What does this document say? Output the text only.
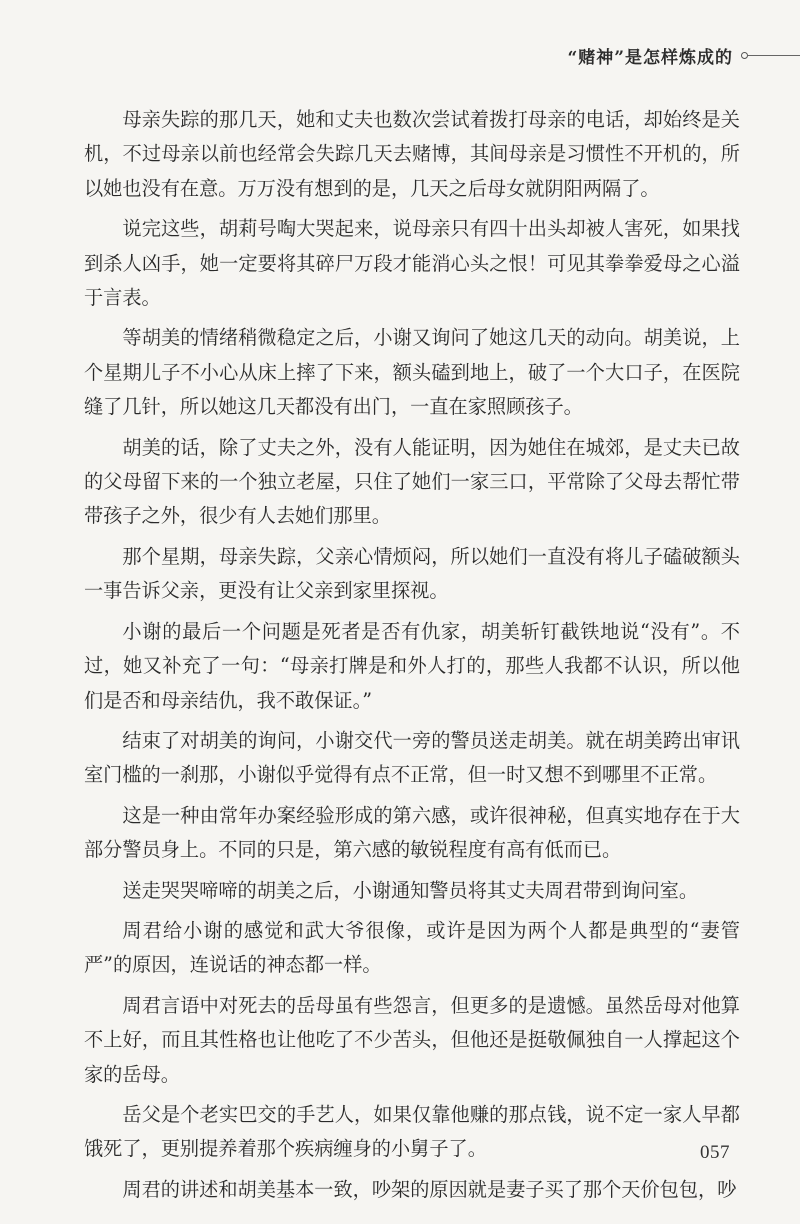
“赌神”是怎样炼成的

母亲失踪的那几天，她和丈夫也数次尝试着拨打母亲的电话，却始终是关机，不过母亲以前也经常会失踪几天去赌博，其间母亲是习惯性不开机的，所以她也没有在意。万万没有想到的是，几天之后母女就阴阳两隔了。

说完这些，胡莉号啕大哭起来，说母亲只有四十出头却被人害死，如果找到杀人凶手，她一定要将其碎尸万段才能消心头之恨！可见其拳拳爱母之心溢于言表。

等胡美的情绪稍微稳定之后，小谢又询问了她这几天的动向。胡美说，上个星期儿子不小心从床上摔了下来，额头磕到地上，破了一个大口子，在医院缝了几针，所以她这几天都没有出门，一直在家照顾孩子。

胡美的话，除了丈夫之外，没有人能证明，因为她住在城郊，是丈夫已故的父母留下来的一个独立老屋，只住了她们一家三口，平常除了父母去帮忙带带孩子之外，很少有人去她们那里。

那个星期，母亲失踪，父亲心情烦闷，所以她们一直没有将儿子磕破额头一事告诉父亲，更没有让父亲到家里探视。

小谢的最后一个问题是死者是否有仇家，胡美斩钉截铁地说“没有”。不过，她又补充了一句：“母亲打牌是和外人打的，那些人我都不认识，所以他们是否和母亲结仇，我不敢保证。”

结束了对胡美的询问，小谢交代一旁的警员送走胡美。就在胡美跨出审讯室门槛的一刹那，小谢似乎觉得有点不正常，但一时又想不到哪里不正常。

这是一种由常年办案经验形成的第六感，或许很神秘，但真实地存在于大部分警员身上。不同的只是，第六感的敏锐程度有高有低而已。

送走哭哭啼啼的胡美之后，小谢通知警员将其丈夫周君带到询问室。

周君给小谢的感觉和武大爷很像，或许是因为两个人都是典型的“妻管严”的原因，连说话的神态都一样。

周君言语中对死去的岳母虽有些怨言，但更多的是遗憾。虽然岳母对他算不上好，而且其性格也让他吃了不少苦头，但他还是挺敬佩独自一人撑起这个家的岳母。

岳父是个老实巴交的手艺人，如果仅靠他赚的那点钱，说不定一家人早都饿死了，更别提养着那个疾病缠身的小舅子了。

周君的讲述和胡美基本一致，吵架的原因就是妻子买了那个天价包包，吵

057
